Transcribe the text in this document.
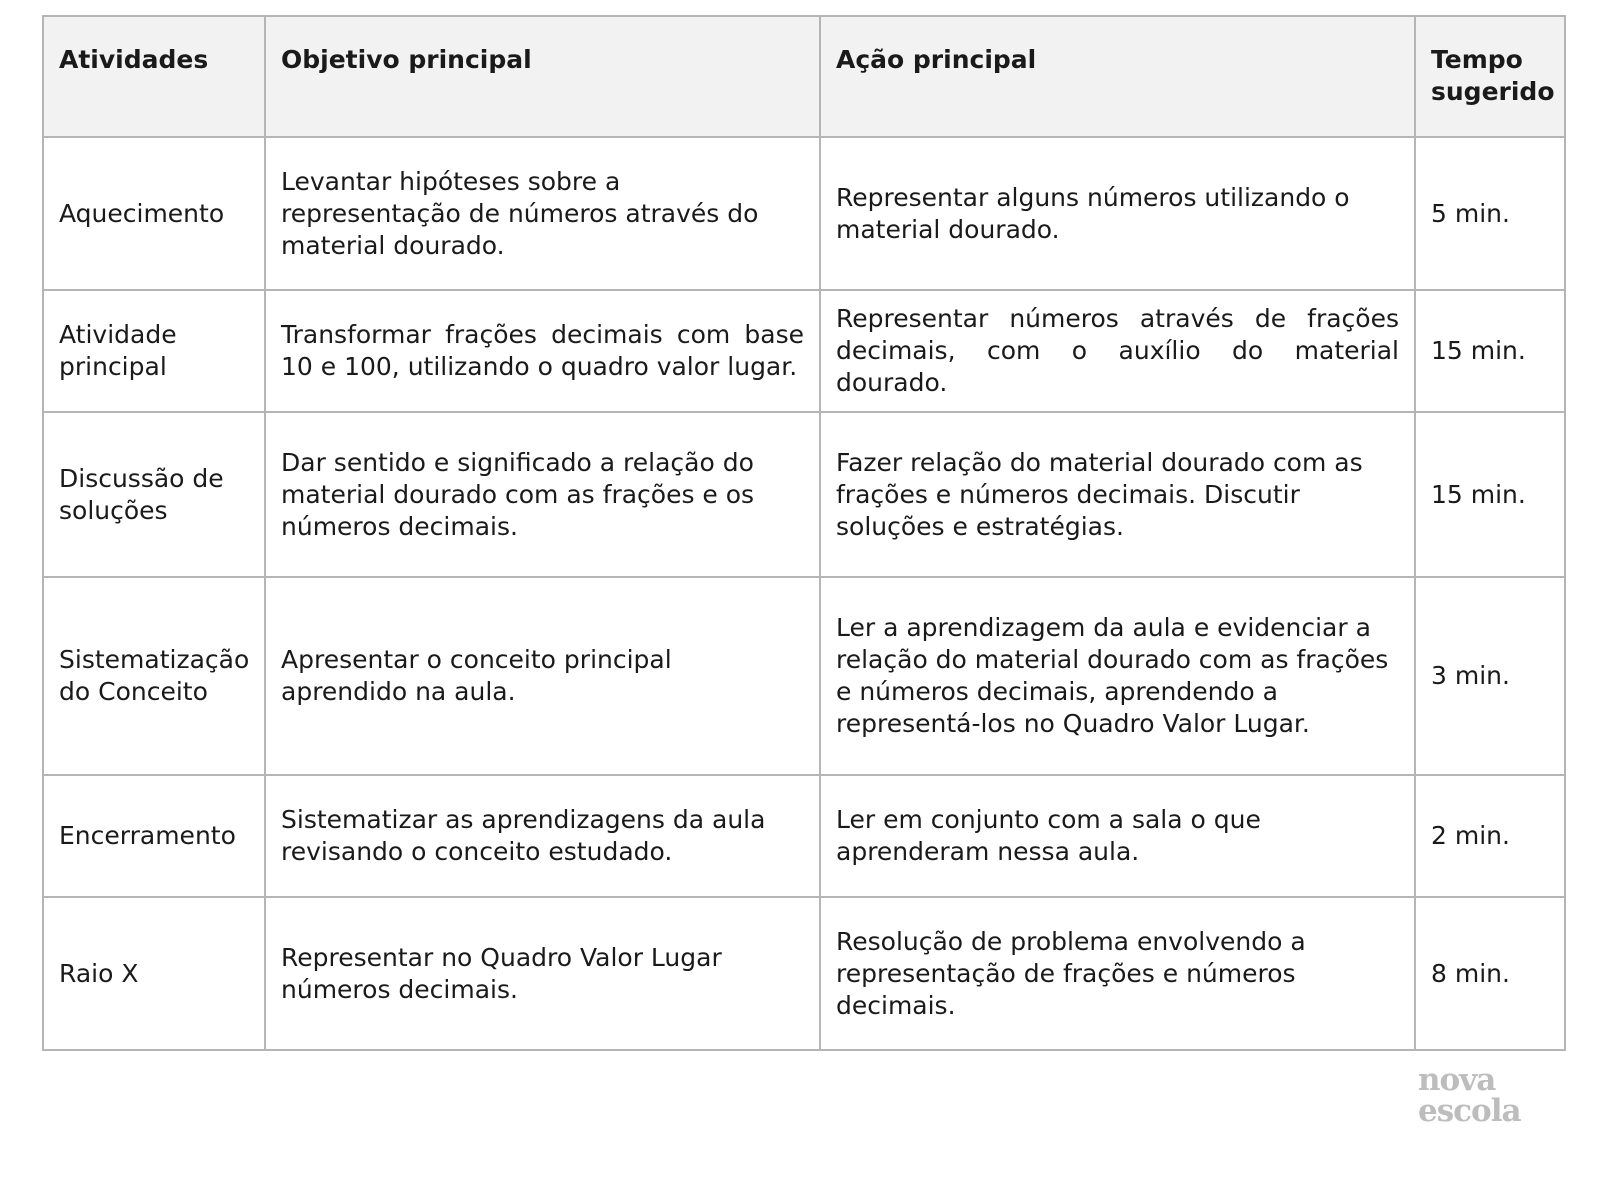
Atividades	Objetivo principal	Ação principal	Tempo sugerido
Aquecimento	Levantar hipóteses sobre a representação de números através do material dourado.	Representar alguns números utilizando o material dourado.	5 min.
Atividade principal	Transformar frações decimais com base 10 e 100, utilizando o quadro valor lugar.	Representar números através de frações decimais, com o auxílio do material dourado.	15 min.
Discussão de soluções	Dar sentido e significado a relação do material dourado com as frações e os números decimais.	Fazer relação do material dourado com as frações e números decimais. Discutir soluções e estratégias.	15 min.
Sistematização do Conceito	Apresentar o conceito principal aprendido na aula.	Ler a aprendizagem da aula e evidenciar a relação do material dourado com as frações e números decimais, aprendendo a representá-los no Quadro Valor Lugar.	3 min.
Encerramento	Sistematizar as aprendizagens da aula revisando o conceito estudado.	Ler em conjunto com a sala o que aprenderam nessa aula.	2 min.
Raio X	Representar no Quadro Valor Lugar números decimais.	Resolução de problema envolvendo a representação de frações e números decimais.	8 min.
nova
escola
